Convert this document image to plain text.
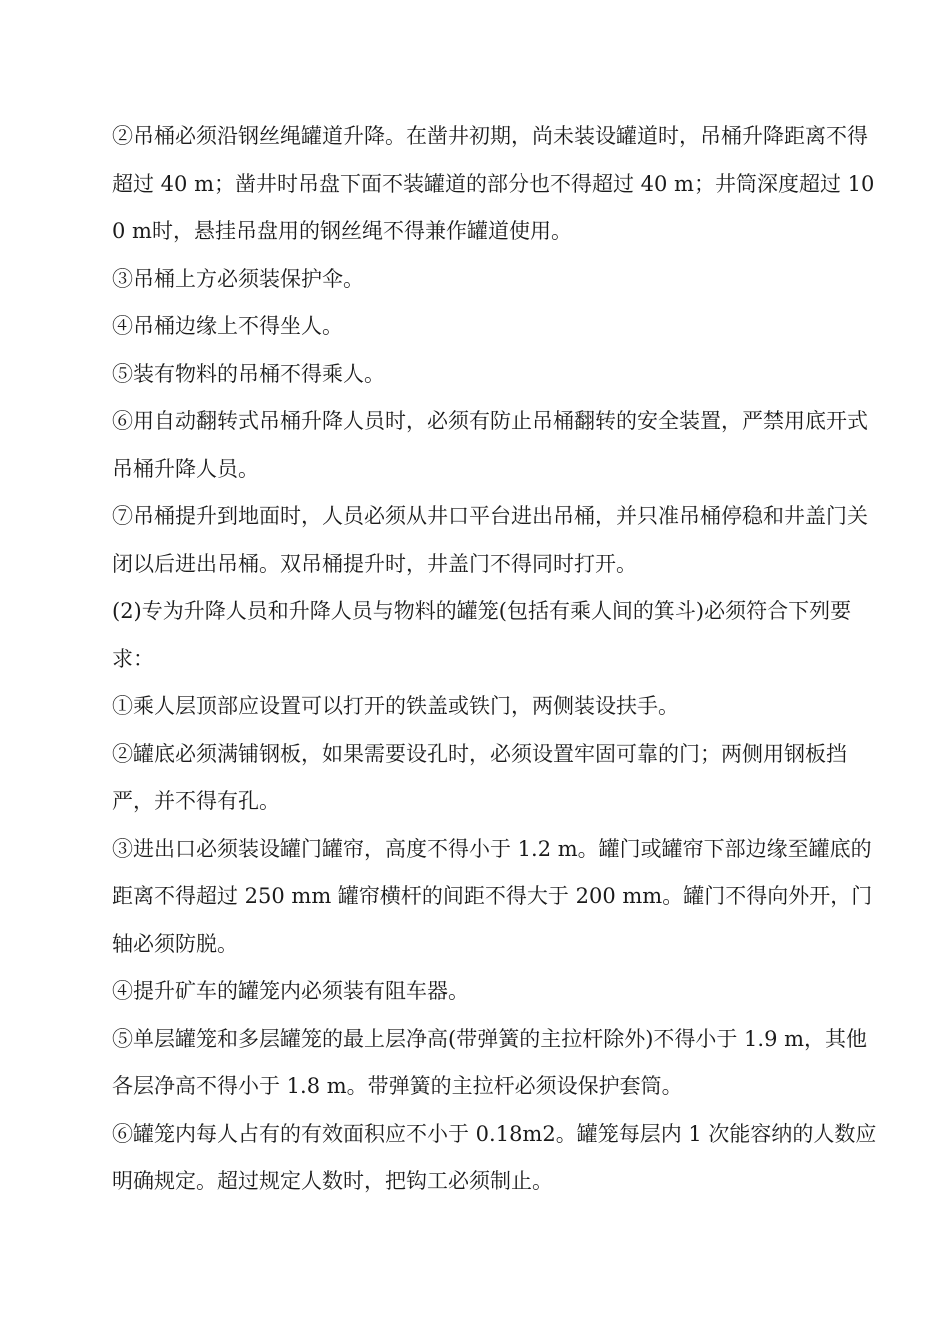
②吊桶必须沿钢丝绳罐道升降。在凿井初期，尚未装设罐道时，吊桶升降距离不得超过 40 m；凿井时吊盘下面不装罐道的部分也不得超过 40 m；井筒深度超过 100 m时，悬挂吊盘用的钢丝绳不得兼作罐道使用。

③吊桶上方必须装保护伞。

④吊桶边缘上不得坐人。

⑤装有物料的吊桶不得乘人。

⑥用自动翻转式吊桶升降人员时，必须有防止吊桶翻转的安全装置，严禁用底开式吊桶升降人员。

⑦吊桶提升到地面时，人员必须从井口平台进出吊桶，并只准吊桶停稳和井盖门关闭以后进出吊桶。双吊桶提升时，井盖门不得同时打开。

(2)专为升降人员和升降人员与物料的罐笼(包括有乘人间的箕斗)必须符合下列要求：

①乘人层顶部应设置可以打开的铁盖或铁门，两侧装设扶手。

②罐底必须满铺钢板，如果需要设孔时，必须设置牢固可靠的门；两侧用钢板挡严，并不得有孔。

③进出口必须装设罐门罐帘，高度不得小于 1.2 m。罐门或罐帘下部边缘至罐底的距离不得超过 250 mm 罐帘横杆的间距不得大于 200 mm。罐门不得向外开，门轴必须防脱。

④提升矿车的罐笼内必须装有阻车器。

⑤单层罐笼和多层罐笼的最上层净高(带弹簧的主拉杆除外)不得小于 1.9 m，其他各层净高不得小于 1.8 m。带弹簧的主拉杆必须设保护套筒。

⑥罐笼内每人占有的有效面积应不小于 0.18m2。罐笼每层内 1 次能容纳的人数应明确规定。超过规定人数时，把钩工必须制止。
